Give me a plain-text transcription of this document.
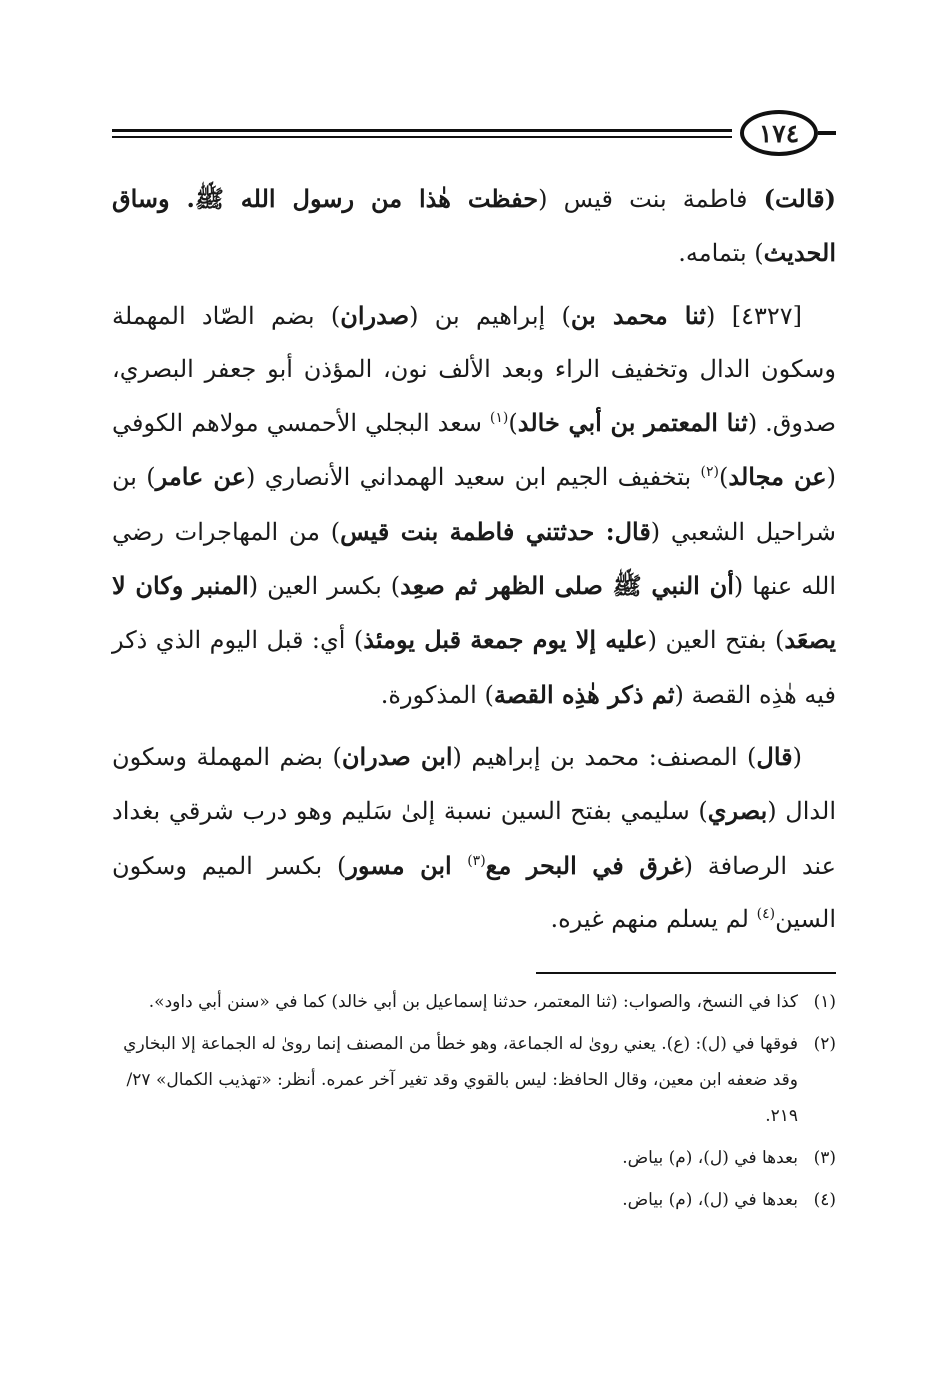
١٧٤

(قالت) فاطمة بنت قيس (حفظت هٰذا من رسول الله ﷺ. وساق الحديث) بتمامه.

[٤٣٢٧] (ثنا محمد بن) إبراهيم بن (صدران) بضم الصّاد المهملة وسكون الدال وتخفيف الراء وبعد الألف نون، المؤذن أبو جعفر البصري، صدوق. (ثنا المعتمر بن أبي خالد)$^{(١)}$ سعد البجلي الأحمسي مولاهم الكوفي (عن مجالد)$^{(٢)}$ بتخفيف الجيم ابن سعيد الهمداني الأنصاري (عن عامر) بن شراحيل الشعبي (قال: حدثتني فاطمة بنت قيس) من المهاجرات رضي الله عنها (أن النبي ﷺ صلى الظهر ثم صعِد) بكسر العين (المنبر وكان لا يصعَد) بفتح العين (عليه إلا يوم جمعة قبل يومئذ) أي: قبل اليوم الذي ذكر فيه هٰذِه القصة (ثم ذكر هٰذِه القصة) المذكورة.

(قال) المصنف: محمد بن إبراهيم (ابن صدران) بضم المهملة وسكون الدال (بصري) سليمي بفتح السين نسبة إلىٰ سَليم وهو درب شرقي بغداد عند الرصافة (غرق في البحر مع$^{(٣)}$ ابن مسور) بكسر الميم وسكون السين$^{(٤)}$ لم يسلم منهم غيره.

(١)
كذا في النسخ، والصواب: (ثنا المعتمر، حدثنا إسماعيل بن أبي خالد) كما في «سنن أبي داود».
(٢)
فوقها في (ل): (ع). يعني روىٰ له الجماعة، وهو خطأ من المصنف إنما روىٰ له الجماعة إلا البخاري وقد ضعفه ابن معين، وقال الحافظ: ليس بالقوي وقد تغير آخر عمره. أنظر: «تهذيب الكمال» ٢٧/ ٢١٩.
(٣)
بعدها في (ل)، (م) بياض.
(٤)
بعدها في (ل)، (م) بياض.
